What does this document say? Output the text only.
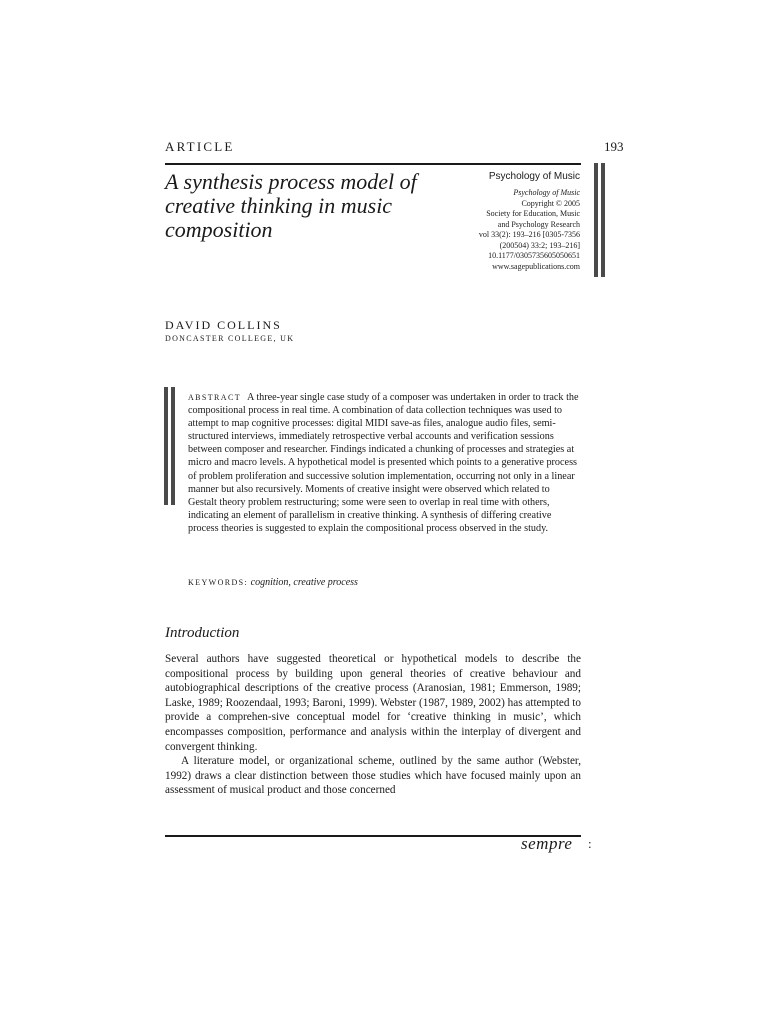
ARTICLE	193
A synthesis process model of creative thinking in music composition
Psychology of Music
Psychology of Music
Copyright © 2005
Society for Education, Music
and Psychology Research
vol 33(2): 193–216 [0305-7356
(200504) 33:2; 193–216]
10.1177/0305735605050651
www.sagepublications.com
DAVID COLLINS
DONCASTER COLLEGE, UK
ABSTRACT A three-year single case study of a composer was undertaken in order to track the compositional process in real time. A combination of data collection techniques was used to attempt to map cognitive processes: digital MIDI save-as files, analogue audio files, semi-structured interviews, immediately retrospective verbal accounts and verification sessions between composer and researcher. Findings indicated a chunking of processes and strategies at micro and macro levels. A hypothetical model is presented which points to a generative process of problem proliferation and successive solution implementation, occurring not only in a linear manner but also recursively. Moments of creative insight were observed which related to Gestalt theory problem restructuring; some were seen to overlap in real time with others, indicating an element of parallelism in creative thinking. A synthesis of differing creative process theories is suggested to explain the compositional process observed in the study.
KEYWORDS: cognition, creative process
Introduction

Several authors have suggested theoretical or hypothetical models to describe the compositional process by building upon general theories of creative behaviour and autobiographical descriptions of the creative process (Aranosian, 1981; Emmerson, 1989; Laske, 1989; Roozendaal, 1993; Baroni, 1999). Webster (1987, 1989, 2002) has attempted to provide a comprehen-sive conceptual model for ‘creative thinking in music’, which encompasses composition, performance and analysis within the interplay of divergent and convergent thinking.

A literature model, or organizational scheme, outlined by the same author (Webster, 1992) draws a clear distinction between those studies which have focused mainly upon an assessment of musical product and those concerned

sempre :
